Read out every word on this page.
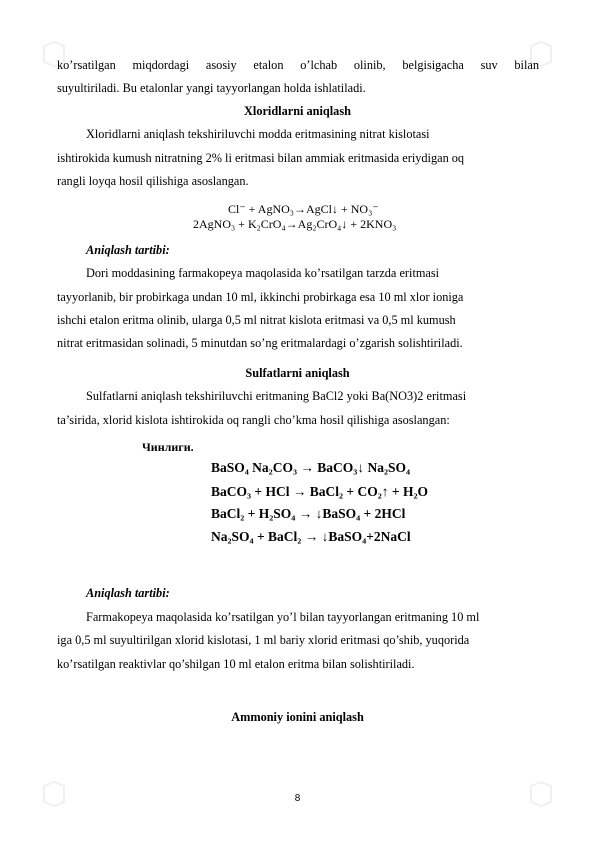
ko’rsatilgan miqdordagi asosiy etalon o’lchab olinib, belgisigacha suv bilan
suyultiriladi. Bu etalonlar yangi tayyorlangan holda ishlatiladi.
Xloridlarni aniqlash
Xloridlarni aniqlash tekshiriluvchi modda eritmasining nitrat kislotasi
ishtirokida kumush nitratning 2% li eritmasi bilan ammiak eritmasida eriydigan oq
rangli loyqa hosil qilishiga asoslangan.
Cl⁻ + AgNO₃→AgCl↓ + NO₃⁻
2AgNO₃ + K₂CrO₄→Ag₂CrO₄↓ + 2KNO₃
Aniqlash tartibi:
Dori moddasining farmakopeya maqolasida ko’rsatilgan tarzda eritmasi
tayyorlanib, bir probirkaga undan 10 ml, ikkinchi probirkaga esa 10 ml xlor ioniga
ishchi etalon eritma olinib, ularga 0,5 ml nitrat kislota eritmasi va 0,5 ml kumush
nitrat eritmasidan solinadi, 5 minutdan so’ng eritmalardagi o’zgarish solishtiriladi.
Sulfatlarni aniqlash
Sulfatlarni aniqlash tekshiriluvchi eritmaning BaCl2 yoki Ba(NO3)2 eritmasi
ta’sirida, xlorid kislota ishtirokida oq rangli cho’kma hosil qilishiga asoslangan:
Чинлиги.
BaSO₄ Na₂CO₃ → BaCO₃↓ Na₂SO₄
BaCO₃ + HCl → BaCl₂ + CO₂↑ + H₂O
BaCl₂ + H₂SO₄ → ↓BaSO₄ + 2HCl
Na₂SO₄ + BaCl₂ → ↓BaSO₄+2NaCl
Aniqlash tartibi:
Farmakopeya maqolasida ko’rsatilgan yo’l bilan tayyorlangan eritmaning 10 ml
iga 0,5 ml suyultirilgan xlorid kislotasi, 1 ml bariy xlorid eritmasi qo’shib, yuqorida
ko’rsatilgan reaktivlar qo’shilgan 10 ml etalon eritma bilan solishtiriladi.
Ammoniy ionini aniqlash
8
